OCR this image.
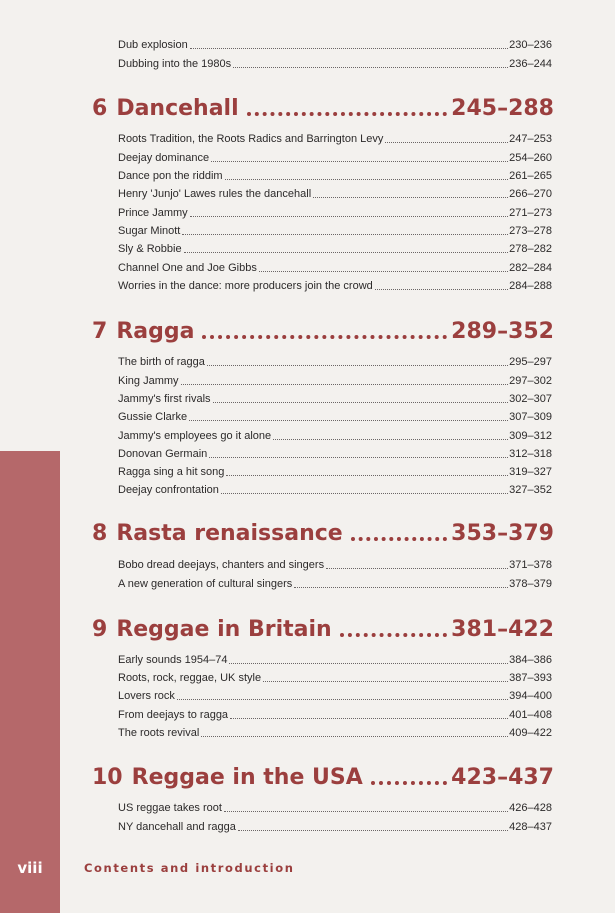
viii	Contents and introduction
Dub explosion	230–236
Dubbing into the 1980s	236–244
6 Dancehall	245–288
Roots Tradition, the Roots Radics and Barrington Levy	247–253
Deejay dominance	254–260
Dance pon the riddim	261–265
Henry 'Junjo' Lawes rules the dancehall	266–270
Prince Jammy	271–273
Sugar Minott	273–278
Sly & Robbie	278–282
Channel One and Joe Gibbs	282–284
Worries in the dance: more producers join the crowd	284–288
7 Ragga	289–352
The birth of ragga	295–297
King Jammy	297–302
Jammy's first rivals	302–307
Gussie Clarke	307–309
Jammy's employees go it alone	309–312
Donovan Germain	312–318
Ragga sing a hit song	319–327
Deejay confrontation	327–352
8 Rasta renaissance	353–379
Bobo dread deejays, chanters and singers	371–378
A new generation of cultural singers	378–379
9 Reggae in Britain	381–422
Early sounds 1954–74	384–386
Roots, rock, reggae, UK style	387–393
Lovers rock	394–400
From deejays to ragga	401–408
The roots revival	409–422
10 Reggae in the USA	423–437
US reggae takes root	426–428
NY dancehall and ragga	428–437
